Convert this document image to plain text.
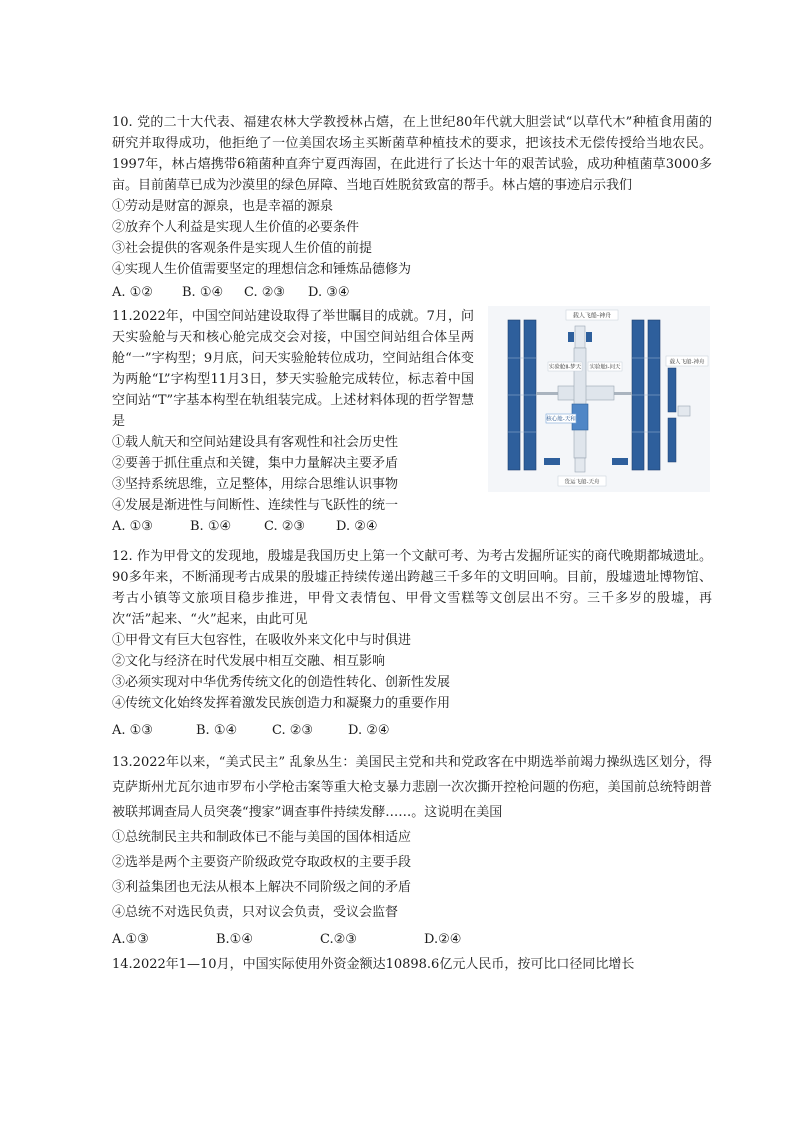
10. 党的二十大代表、福建农林大学教授林占熺，在上世纪80年代就大胆尝试“以草代木”种植食用菌的研究并取得成功，他拒绝了一位美国农场主买断菌草种植技术的要求，把该技术无偿传授给当地农民。1997年，林占熺携带6箱菌种直奔宁夏西海固，在此进行了长达十年的艰苦试验，成功种植菌草3000多亩。目前菌草已成为沙漠里的绿色屏障、当地百姓脱贫致富的帮手。林占熺的事迹启示我们

①劳动是财富的源泉，也是幸福的源泉

②放弃个人利益是实现人生价值的必要条件

③社会提供的客观条件是实现人生价值的前提

④实现人生价值需要坚定的理想信念和锤炼品德修为

A. ①②	B. ①④	C. ②③	D. ③④

11.2022年，中国空间站建设取得了举世瞩目的成就。7月，问天实验舱与天和核心舱完成交会对接，中国空间站组合体呈两舱“一”字构型；9月底，问天实验舱转位成功，空间站组合体变为两舱“L”字构型11月3日，梦天实验舱完成转位，标志着中国空间站“T”字基本构型在轨组装完成。上述材料体现的哲学智慧是

①载人航天和空间站建设具有客观性和社会历史性

②要善于抓住重点和关键，集中力量解决主要矛盾

③坚持系统思维，立足整体，用综合思维认识事物

④发展是渐进性与间断性、连续性与飞跃性的统一

载人飞船-神舟
实验舱Ⅱ-梦天 实验舱Ⅰ-问天
核心舱-天和
载人飞船-神舟
货运飞船-天舟
A. ①③	B. ①④	C. ②③	D. ②④

12. 作为甲骨文的发现地，殷墟是我国历史上第一个文献可考、为考古发掘所证实的商代晚期都城遗址。90多年来，不断涌现考古成果的殷墟正持续传递出跨越三千多年的文明回响。目前，殷墟遗址博物馆、考古小镇等文旅项目稳步推进，甲骨文表情包、甲骨文雪糕等文创层出不穷。三千多岁的殷墟，再次“活”起来、“火”起来，由此可见

①甲骨文有巨大包容性，在吸收外来文化中与时俱进

②文化与经济在时代发展中相互交融、相互影响

③必须实现对中华优秀传统文化的创造性转化、创新性发展

④传统文化始终发挥着激发民族创造力和凝聚力的重要作用

A. ①③	B. ①④	C. ②③	D. ②④

13.2022年以来，“美式民主” 乱象丛生：美国民主党和共和党政客在中期选举前竭力操纵选区划分，得克萨斯州尤瓦尔迪市罗布小学枪击案等重大枪支暴力悲剧一次次撕开控枪问题的伤疤，美国前总统特朗普被联邦调查局人员突袭“搜家”调查事件持续发酵……。这说明在美国

①总统制民主共和制政体已不能与美国的国体相适应

②选举是两个主要资产阶级政党夺取政权的主要手段

③利益集团也无法从根本上解决不同阶级之间的矛盾

④总统不对选民负责，只对议会负责，受议会监督

A.①③	B.①④	C.②③	D.②④

14.2022年1—10月，中国实际使用外资金额达10898.6亿元人民币，按可比口径同比增长
